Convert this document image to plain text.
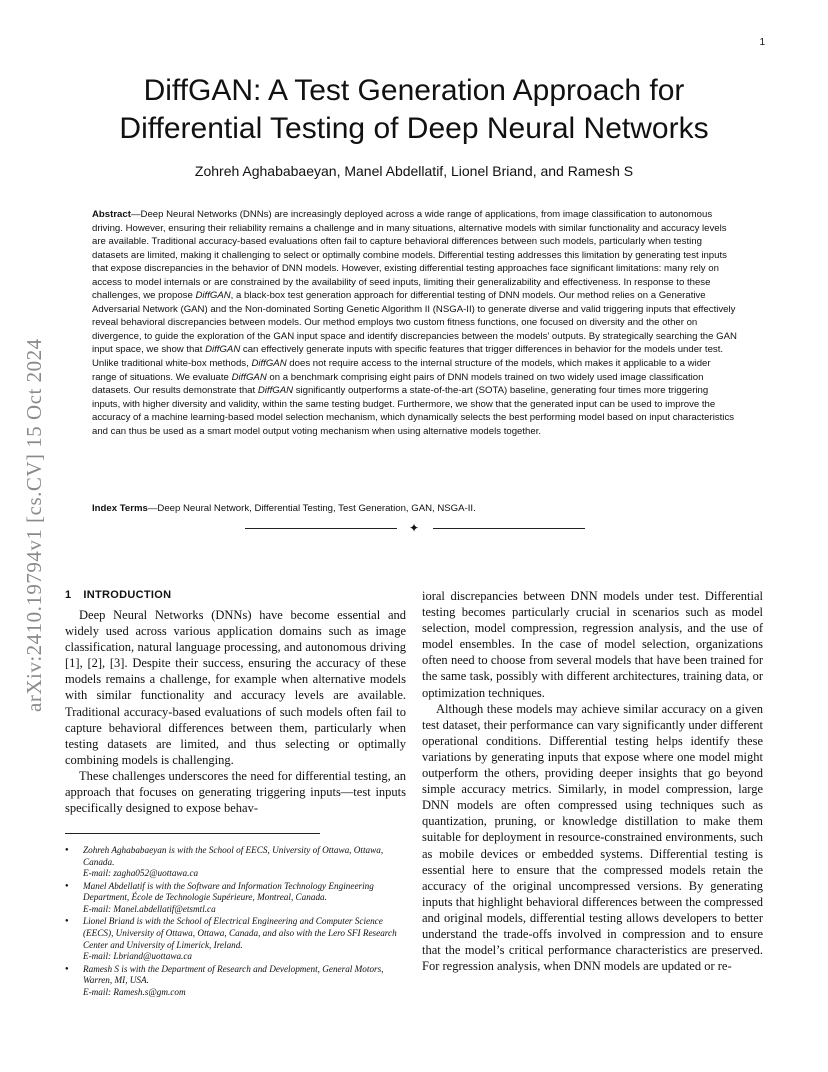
1
arXiv:2410.19794v1 [cs.CV] 15 Oct 2024
DiffGAN: A Test Generation Approach for
Differential Testing of Deep Neural Networks
Zohreh Aghababaeyan, Manel Abdellatif, Lionel Briand, and Ramesh S

Abstract—Deep Neural Networks (DNNs) are increasingly deployed across a wide range of applications, from image classification to autonomous driving. However, ensuring their reliability remains a challenge and in many situations, alternative models with similar functionality and accuracy levels are available. Traditional accuracy-based evaluations often fail to capture behavioral differences between such models, particularly when testing datasets are limited, making it challenging to select or optimally combine models. Differential testing addresses this limitation by generating test inputs that expose discrepancies in the behavior of DNN models. However, existing differential testing approaches face significant limitations: many rely on access to model internals or are constrained by the availability of seed inputs, limiting their generalizability and effectiveness. In response to these challenges, we propose DiffGAN, a black-box test generation approach for differential testing of DNN models. Our method relies on a Generative Adversarial Network (GAN) and the Non-dominated Sorting Genetic Algorithm II (NSGA-II) to generate diverse and valid triggering inputs that effectively reveal behavioral discrepancies between models. Our method employs two custom fitness functions, one focused on diversity and the other on divergence, to guide the exploration of the GAN input space and identify discrepancies between the models’ outputs. By strategically searching the GAN input space, we show that DiffGAN can effectively generate inputs with specific features that trigger differences in behavior for the models under test.

Unlike traditional white-box methods, DiffGAN does not require access to the internal structure of the models, which makes it applicable to a wider range of situations. We evaluate DiffGAN on a benchmark comprising eight pairs of DNN models trained on two widely used image classification datasets. Our results demonstrate that DiffGAN significantly outperforms a state-of-the-art (SOTA) baseline, generating four times more triggering inputs, with higher diversity and validity, within the same testing budget. Furthermore, we show that the generated input can be used to improve the accuracy of a machine learning-based model selection mechanism, which dynamically selects the best performing model based on input characteristics and can thus be used as a smart model output voting mechanism when using alternative models together.

Index Terms—Deep Neural Network, Differential Testing, Test Generation, GAN, NSGA-II.
✦
1 INTRODUCTION

Deep Neural Networks (DNNs) have become essential and widely used across various application domains such as image classification, natural language processing, and autonomous driving [1], [2], [3]. Despite their success, ensuring the accuracy of these models remains a challenge, for example when alternative models with similar functionality and accuracy levels are available. Traditional accuracy-based evaluations of such models often fail to capture behavioral differences between them, particularly when testing datasets are limited, and thus selecting or optimally combining models is challenging.

These challenges underscores the need for differential testing, an approach that focuses on generating triggering inputs—test inputs specifically designed to expose behav-

● Zohreh Aghababaeyan is with the School of EECS, University of Ottawa, Ottawa, Canada.
E-mail: zagha052@uottawa.ca
● Manel Abdellatif is with the Software and Information Technology Engineering Department, École de Technologie Supérieure, Montreal, Canada.
E-mail: Manel.abdellatif@etsmtl.ca
● Lionel Briand is with the School of Electrical Engineering and Computer Science (EECS), University of Ottawa, Ottawa, Canada, and also with the Lero SFI Research Center and University of Limerick, Ireland.
E-mail: Lbriand@uottawa.ca
● Ramesh S is with the Department of Research and Development, General Motors, Warren, MI, USA.
E-mail: Ramesh.s@gm.com

ioral discrepancies between DNN models under test. Differential testing becomes particularly crucial in scenarios such as model selection, model compression, regression analysis, and the use of model ensembles. In the case of model selection, organizations often need to choose from several models that have been trained for the same task, possibly with different architectures, training data, or optimization techniques.

Although these models may achieve similar accuracy on a given test dataset, their performance can vary significantly under different operational conditions. Differential testing helps identify these variations by generating inputs that expose where one model might outperform the others, providing deeper insights that go beyond simple accuracy metrics. Similarly, in model compression, large DNN models are often compressed using techniques such as quantization, pruning, or knowledge distillation to make them suitable for deployment in resource-constrained environments, such as mobile devices or embedded systems. Differential testing is essential here to ensure that the compressed models retain the accuracy of the original uncompressed versions. By generating inputs that highlight behavioral differences between the compressed and original models, differential testing allows developers to better understand the trade-offs involved in compression and to ensure that the model’s critical performance characteristics are preserved. For regression analysis, when DNN models are updated or re-
